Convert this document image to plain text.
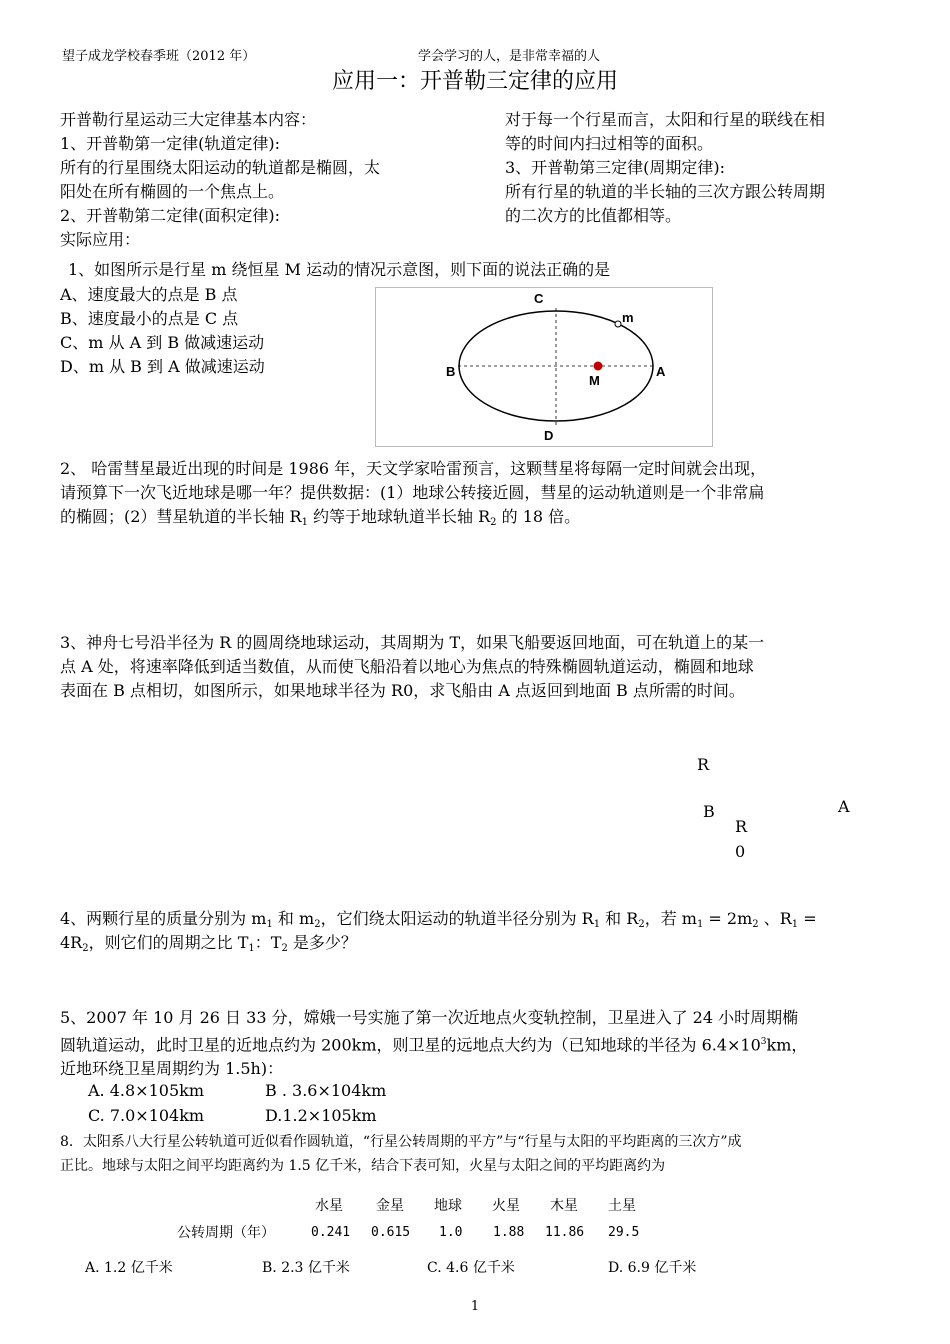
望子成龙学校春季班（2012 年）	学会学习的人，是非常幸福的人
应用一：开普勒三定律的应用
开普勒行星运动三大定律基本内容：
1、开普勒第一定律(轨道定律):
所有的行星围绕太阳运动的轨道都是椭圆，太
阳处在所有椭圆的一个焦点上。
2、开普勒第二定律(面积定律):
实际应用：
对于每一个行星而言，太阳和行星的联线在相
等的时间内扫过相等的面积。
3、开普勒第三定律(周期定律):
所有行星的轨道的半长轴的三次方跟公转周期
的二次方的比值都相等。
1、如图所示是行星 m 绕恒星 M 运动的情况示意图，则下面的说法正确的是
A、速度最大的点是 B 点
B、速度最小的点是 C 点
C、m 从 A 到 B 做减速运动
D、m 从 B 到 A 做减速运动
C
D
A
B
M
m
2、 哈雷彗星最近出现的时间是 1986 年，天文学家哈雷预言，这颗彗星将每隔一定时间就会出现，
请预算下一次飞近地球是哪一年？提供数据：(1）地球公转接近圆，彗星的运动轨道则是一个非常扁
的椭圆；(2）彗星轨道的半长轴 $R_1$ 约等于地球轨道半长轴 $R_2$ 的 18 倍。
3、神舟七号沿半径为 R 的圆周绕地球运动，其周期为 T，如果飞船要返回地面，可在轨道上的某一
点 A 处，将速率降低到适当数值，从而使飞船沿着以地心为焦点的特殊椭圆轨道运动，椭圆和地球
表面在 B 点相切，如图所示，如果地球半径为 R0，求飞船由 A 点返回到地面 B 点所需的时间。
R
B	A
R
0
4、两颗行星的质量分别为 $m_1$ 和 $m_2$，它们绕太阳运动的轨道半径分别为 $R_1$ 和 $R_2$，若 $m_1 = 2m_2$ 、$R_1$ =
$4R_2$，则它们的周期之比 $T_1$：$T_2$ 是多少？
5、2007 年 10 月 26 日 33 分，嫦娥一号实施了第一次近地点火变轨控制，卫星进入了 24 小时周期椭
圆轨道运动，此时卫星的近地点约为 200km，则卫星的远地点大约为（已知地球的半径为 $6.4\times 10^3km$，
近地环绕卫星周期约为 1.5h)：
A. 4.8×105km	B . 3.6×104km
C. 7.0×104km	D.1.2×105km
8．太阳系八大行星公转轨道可近似看作圆轨道，“行星公转周期的平方”与“行星与太阳的平均距离的三次方”成
正比。地球与太阳之间平均距离约为 1.5 亿千米，结合下表可知，火星与太阳之间的平均距离约为
水星 金星 地球 火星 木星 土星
公转周期（年）	0.241 0.615 1.0 1.88 11.86 29.5
A. 1.2 亿千米	B. 2.3 亿千米	C. 4.6 亿千米	D. 6.9 亿千米
1
